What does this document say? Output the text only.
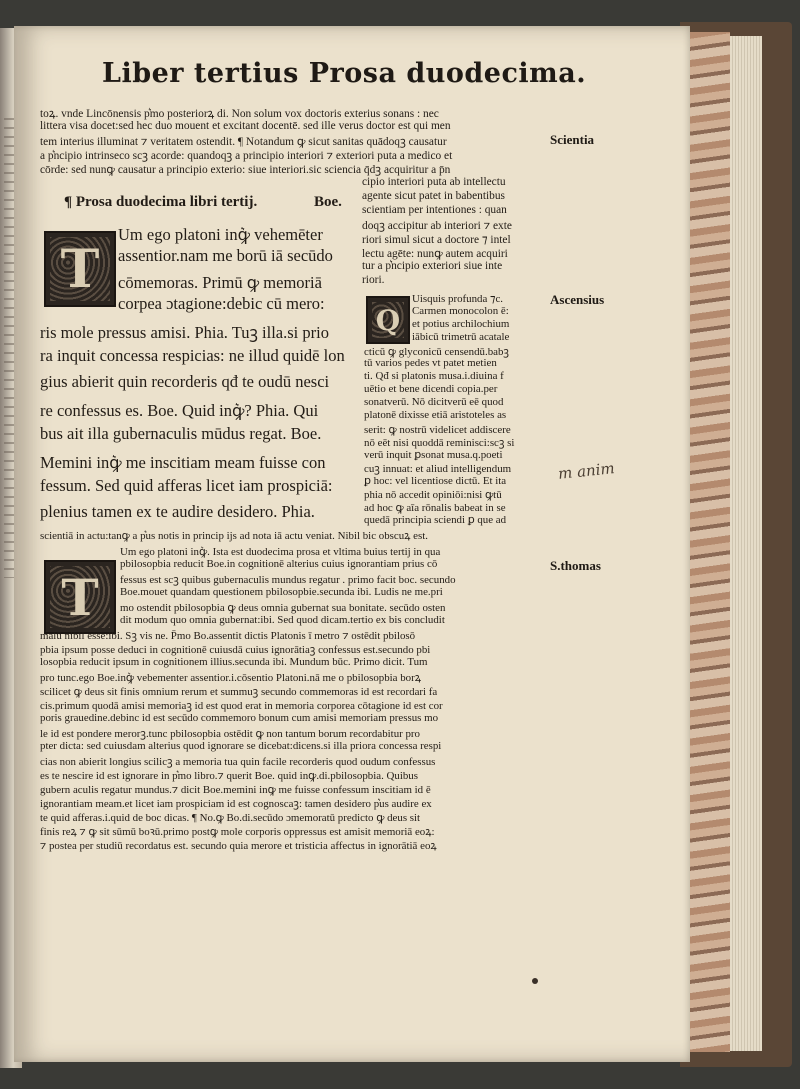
Liber tertius Prosa duodecima.
toꝝ. vnde Lincōnensis p͛mo posteriorꝝ di. Non solum vox doctoris exterius sonans : nec
littera visa docet:sed hec duo mouent et excitant docentē. sed ille verus doctor est qui men
tem interius illuminat ⁊ veritatem ostendit. ¶ Notandum ꝙ sicut sanitas quādoqꝫ causatur
a p͛ncipio intrinseco scꝫ acorde: quandoqꝫ a principio interiori ⁊ exteriori puta a medico et
cōrde: sed nunꝙ causatur a principio exterio: siue interiori.sic sciencia q̄dꝫ acquiritur a p̄n
cipio interiori puta ab intellectu
agente sicut patet in babentibus
scientiam per intentiones : quan
doqꝫ accipitur ab interiori ⁊ exte
riori simul sicut a doctore ⁊ intel
lectu agēte: nunꝙ autem acquiri
tur a p͛ncipio exteriori siue inte
riori.
¶ Prosa duodecima libri tertij.	Boe.
T
Um ego platoni inꝙ͛ vehemēter
assentior.nam me borū iā secūdo
cōmemoras. Primū ꝙ memoriā
corpea ɔtagione:debic cū mero:
ris mole pressus amisi. Phia. Tuꝫ illa.si prio
ra inquit concessa respicias: ne illud quidē lon
gius abierit quin recorderis qđ te oudū nesci
re confessus es. Boe. Quid inꝙ͛? Phia. Qui
bus ait illa gubernaculis mūdus regat. Boe.
Memini inꝙ͛ me inscitiam meam fuisse con
fessum. Sed quid afferas licet iam prospiciā:
plenius tamen ex te audire desidero. Phia.
Q
Uisquis profunda ⁊c.
Carmen monocolon ē:
et potius archilochium
iābicū trimetrū acatale
cticū ꝙ glyconicū censendū.babꝫ
tū varios pedes vt patet metien
ti. Qđ si platonis musa.i.diuina f
uētio et bene dicendi copia.per
sonatverū. Nō dicitverū eē quod
platonē dixisse etiā aristoteles as
serit: ꝙ nostrū videlicet addiscere
nō eēt nisi quoddā reminisci:scꝫ si
verū inquit ꝑsonat musa.q.poeti
cuꝫ innuat: et aliud intelligendum
ꝑ hoc: vel licentiose dictū. Et ita
phia nō accedit opiniōi:nisi ꝙtū
ad hoc ꝙ aīa rōnalis babeat in se
quedā principia sciendi ꝑ que ad
scientiā in actu:tanꝙ a p͛us notis in princip ijs ad nota iā actu veniat. Nibil bic obscuꝝ est.
T
Um ego platoni inꝙ͛. Ista est duodecima prosa et vltima buius tertij in qua
pbilosopbia reducit Boe.in cognitionē alterius cuius ignorantiam prius cō
fessus est scꝫ quibus gubernaculis mundus regatur . primo facit boc. secundo
Boe.mouet quandam questionem pbilosopbie.secunda ibi. Ludis ne me.pri
mo ostendit pbilosopbia ꝙ deus omnia gubernat sua bonitate. secūdo osten
dit modum quo omnia gubernat:ibi. Sed quod dicam.tertio ex bis concludit
malū nibil esse:ibi. Sꝫ vis ne. P̄mo Bo.assentit dictis Platonis ī metro ⁊ ostēdit pbilosō
pbia ipsum posse deduci in cognitionē cuiusdā cuius ignorātiaꝫ confessus est.secundo pbi
losopbia reducit ipsum in cognitionem illius.secunda ibi. Mundum būc. Primo dicit. Tum
pro tunc.ego Boe.inꝙ͛ vebementer assentior.i.cōsentio Platoni.nā me o pbilosopbia borꝝ
scilicet ꝙ deus sit finis omnium rerum et summuꝫ secundo commemoras id est recordari fa
cis.primum quodā amisi memoriaꝫ id est quod erat in memoria corporea cōtagione id est cor
poris grauedine.debinc id est secūdo commemoro bonum cum amisi memoriam pressus mo
le id est pondere merorꝫ.tunc pbilosopbia ostēdit ꝙ non tantum borum recordabitur pro
pter dicta: sed cuiusdam alterius quod ignorare se dicebat:dicens.si illa priora concessa respi
cias non abierit longius scilicꝫ a memoria tua quin facile recorderis quod oudum confessus
es te nescire id est ignorare in p͛mo libro.⁊ querit Boe. quid inꝙ.di.pbilosopbia. Quibus
gubern aculis regatur mundus.⁊ dicit Boe.memini inꝙ me fuisse confessum inscitiam id ē
ignorantiam meam.et licet iam prospiciam id est cognoscaꝫ: tamen desidero p͛us audire ex
te quid afferas.i.quid de boc dicas. ¶ No.ꝙ Bo.di.secūdo ɔmemoratū predicto ꝙ deus sit
finis reꝝ ⁊ ꝙ sit sūmū boꝛū.primo postꝙ mole corporis oppressus est amisit memoriā eoꝝ:
⁊ postea per studiū recordatus est. secundo quia merore et tristicia affectus in ignorātiā eoꝝ
Scientia
Ascensius
S.thomas
m anim
